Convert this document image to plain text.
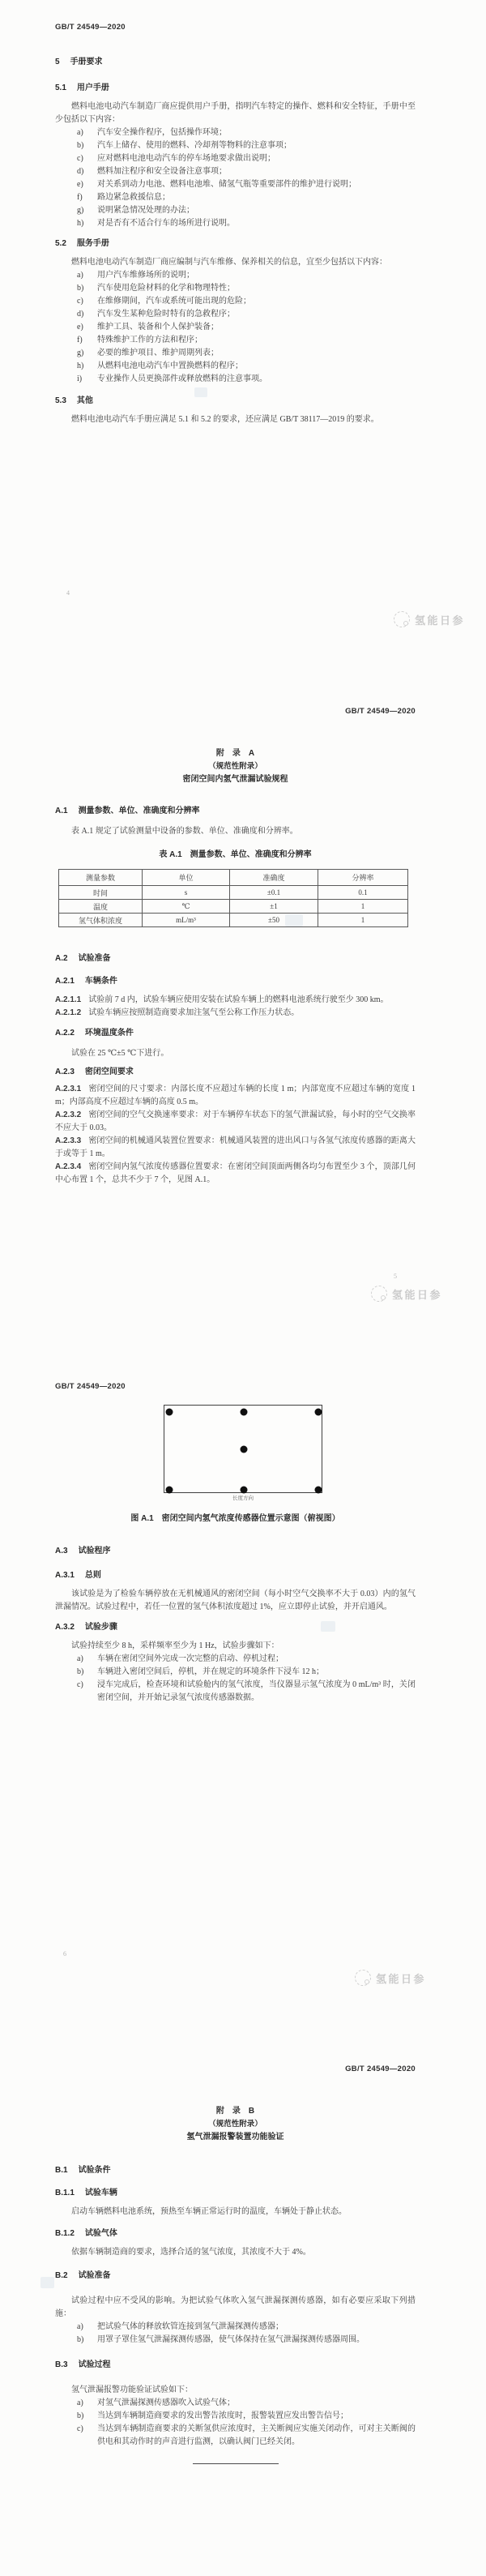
GB/T 24549—2020
5 手册要求
5.1 用户手册
燃料电池电动汽车制造厂商应提供用户手册，指明汽车特定的操作、燃料和安全特征，手册中至少包括以下内容：
a)	汽车安全操作程序，包括操作环境；
b)	汽车上储存、使用的燃料、冷却剂等物料的注意事项；
c)	应对燃料电池电动汽车的停车场地要求做出说明；
d)	燃料加注程序和安全设备注意事项；
e)	对关系到动力电池、燃料电池堆、储氢气瓶等重要部件的维护进行说明；
f)	路边紧急救援信息；
g)	说明紧急情况处理的办法；
h)	对是否有不适合行车的场所进行说明。
5.2 服务手册
燃料电池电动汽车制造厂商应编制与汽车维修、保养相关的信息，宜至少包括以下内容：
a)	用户汽车维修场所的说明；
b)	汽车使用危险材料的化学和物理特性；
c)	在维修期间，汽车或系统可能出现的危险；
d)	汽车发生某种危险时特有的急救程序；
e)	维护工具、装备和个人保护装备；
f)	特殊维护工作的方法和程序；
g)	必要的维护项目、维护周期列表；
h)	从燃料电池电动汽车中置换燃料的程序；
i)	专业操作人员更换部件或释放燃料的注意事项。
5.3 其他
燃料电池电动汽车手册应满足 5.1 和 5.2 的要求，还应满足 GB/T 38117—2019 的要求。
4
氢能日参
GB/T 24549—2020
附　录　A
（规范性附录）
密闭空间内氢气泄漏试验规程
A.1 测量参数、单位、准确度和分辨率
表 A.1 规定了试验测量中设备的参数、单位、准确度和分辨率。
表 A.1　测量参数、单位、准确度和分辨率
测量参数	单位	准确度	分辨率
时间	s	±0.1	0.1
温度	℃	±1	1
氢气体积浓度	mL/m³	±50	1
A.2 试验准备
A.2.1 车辆条件
A.2.1.1 试验前 7 d 内，试验车辆应使用安装在试验车辆上的燃料电池系统行驶至少 300 km。
A.2.1.2 试验车辆应按照制造商要求加注氢气至公称工作压力状态。
A.2.2 环境温度条件
试验在 25 ℃±5 ℃下进行。
A.2.3 密闭空间要求
A.2.3.1 密闭空间的尺寸要求：内部长度不应超过车辆的长度 1 m；内部宽度不应超过车辆的宽度 1 m；内部高度不应超过车辆的高度 0.5 m。
A.2.3.2 密闭空间的空气交换速率要求：对于车辆停车状态下的氢气泄漏试验，每小时的空气交换率不应大于 0.03。
A.2.3.3 密闭空间的机械通风装置位置要求：机械通风装置的进出风口与各氢气浓度传感器的距离大于或等于 1 m。
A.2.3.4 密闭空间内氢气浓度传感器位置要求：在密闭空间顶面两侧各均匀布置至少 3 个，顶部几何中心布置 1 个，总共不少于 7 个，见图 A.1。
5
氢能日参
GB/T 24549—2020
长度方向
图 A.1　密闭空间内氢气浓度传感器位置示意图（俯视图）
A.3 试验程序
A.3.1 总则
该试验是为了检验车辆停放在无机械通风的密闭空间（每小时空气交换率不大于 0.03）内的氢气泄漏情况。试验过程中，若任一位置的氢气体积浓度超过 1%，应立即停止试验，并开启通风。
A.3.2 试验步骤
试验持续至少 8 h，采样频率至少为 1 Hz，试验步骤如下：
a)	车辆在密闭空间外完成一次完整的启动、停机过程；
b)	车辆进入密闭空间后，停机，并在规定的环境条件下浸车 12 h；
c)	浸车完成后，检查环境和试验舱内的氢气浓度，当仪器显示氢气浓度为 0 mL/m³ 时，关闭密闭空间，并开始记录氢气浓度传感器数据。
6
氢能日参
GB/T 24549—2020
附　录　B
（规范性附录）
氢气泄漏报警装置功能验证
B.1 试验条件
B.1.1 试验车辆
启动车辆燃料电池系统，预热至车辆正常运行时的温度，车辆处于静止状态。
B.1.2 试验气体
依据车辆制造商的要求，选择合适的氢气浓度，其浓度不大于 4%。
B.2 试验准备
试验过程中应不受风的影响。为把试验气体吹入氢气泄漏探测传感器，如有必要应采取下列措施：
a)	把试验气体的释放软管连接到氢气泄漏探测传感器；
b)	用罩子罩住氢气泄漏探测传感器，使气体保持在氢气泄漏探测传感器周围。
B.3 试验过程
氢气泄漏报警功能验证试验如下：
a)	对氢气泄漏探测传感器吹入试验气体；
b)	当达到车辆制造商要求的发出警告浓度时，报警装置应发出警告信号；
c)	当达到车辆制造商要求的关断氢供应浓度时，主关断阀应实施关闭动作，可对主关断阀的供电和其动作时的声音进行监测，以确认阀门已经关闭。
